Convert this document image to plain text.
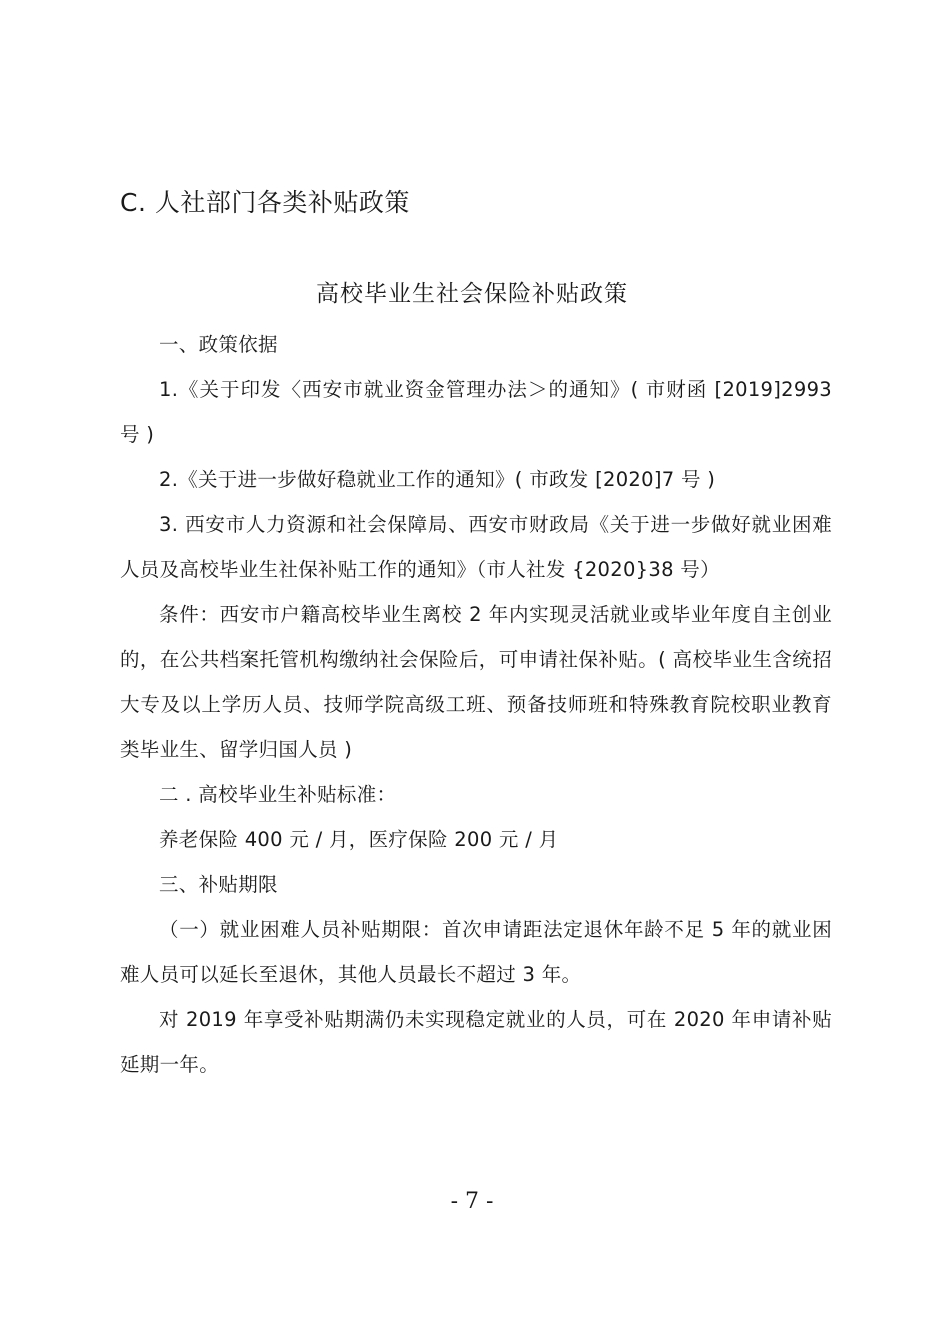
C. 人社部门各类补贴政策
高校毕业生社会保险补贴政策

一、政策依据

1.《关于印发〈西安市就业资金管理办法＞的通知》( 市财函 [2019]2993 号 )

2.《关于进一步做好稳就业工作的通知》( 市政发 [2020]7 号 )

3. 西安市人力资源和社会保障局、西安市财政局《关于进一步做好就业困难人员及高校毕业生社保补贴工作的通知》（市人社发 {2020}38 号）

条件：西安市户籍高校毕业生离校 2 年内实现灵活就业或毕业年度自主创业的，在公共档案托管机构缴纳社会保险后，可申请社保补贴。( 高校毕业生含统招大专及以上学历人员、技师学院高级工班、预备技师班和特殊教育院校职业教育类毕业生、留学归国人员 )

二 . 高校毕业生补贴标准：

养老保险 400 元 / 月，医疗保险 200 元 / 月

三、补贴期限

（一）就业困难人员补贴期限：首次申请距法定退休年龄不足 5 年的就业困难人员可以延长至退休，其他人员最长不超过 3 年。

对 2019 年享受补贴期满仍未实现稳定就业的人员，可在 2020 年申请补贴延期一年。

- 7 -
